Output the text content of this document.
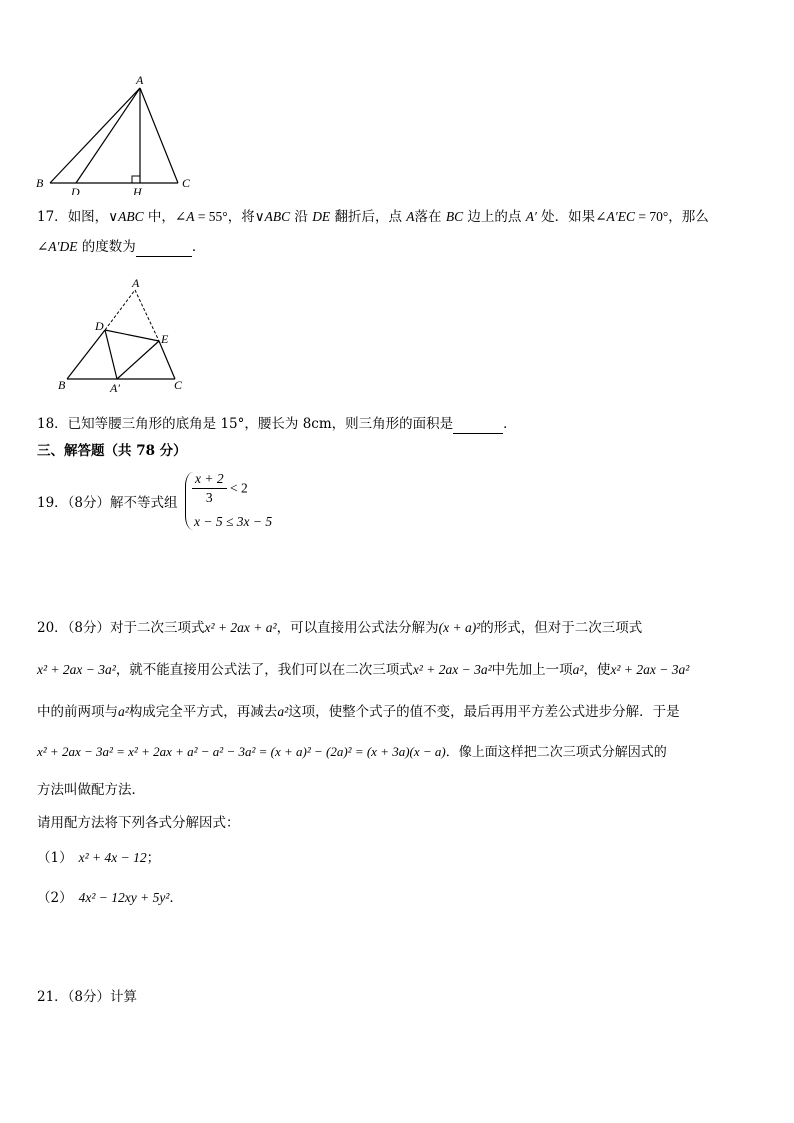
A
B
D	H
C
17．如图，∨ABC 中，∠A = 55°，将∨ABC 沿 DE 翻折后，点 A落在 BC 边上的点 A′ 处．如果∠A′EC = 70°，那么
∠A′DE 的度数为	．
A
D
E
B	A′	C
18．已知等腰三角形的底角是 15°，腰长为 8cm，则三角形的面积是	．
三、解答题（共 78 分）
19．（8分）解不等式组 $\frac{x + 2}{3} < 2$
x − 5 ≤ 3x − 5
20．（8分）对于二次三项式x² + 2ax + a²，可以直接用公式法分解为(x + a)²的形式，但对于二次三项式
x² + 2ax − 3a²，就不能直接用公式法了，我们可以在二次三项式x² + 2ax − 3a²中先加上一项a²，使x² + 2ax − 3a²
中的前两项与a²构成完全平方式，再减去a²这项，使整个式子的值不变，最后再用平方差公式进步分解．于是
x² + 2ax − 3a² = x² + 2ax + a² − a² − 3a² = (x + a)² − (2a)² = (x + 3a)(x − a)．像上面这样把二次三项式分解因式的
方法叫做配方法．
请用配方法将下列各式分解因式：
（1） x² + 4x − 12；
（2） 4x² − 12xy + 5y²．
21．（8分）计算
